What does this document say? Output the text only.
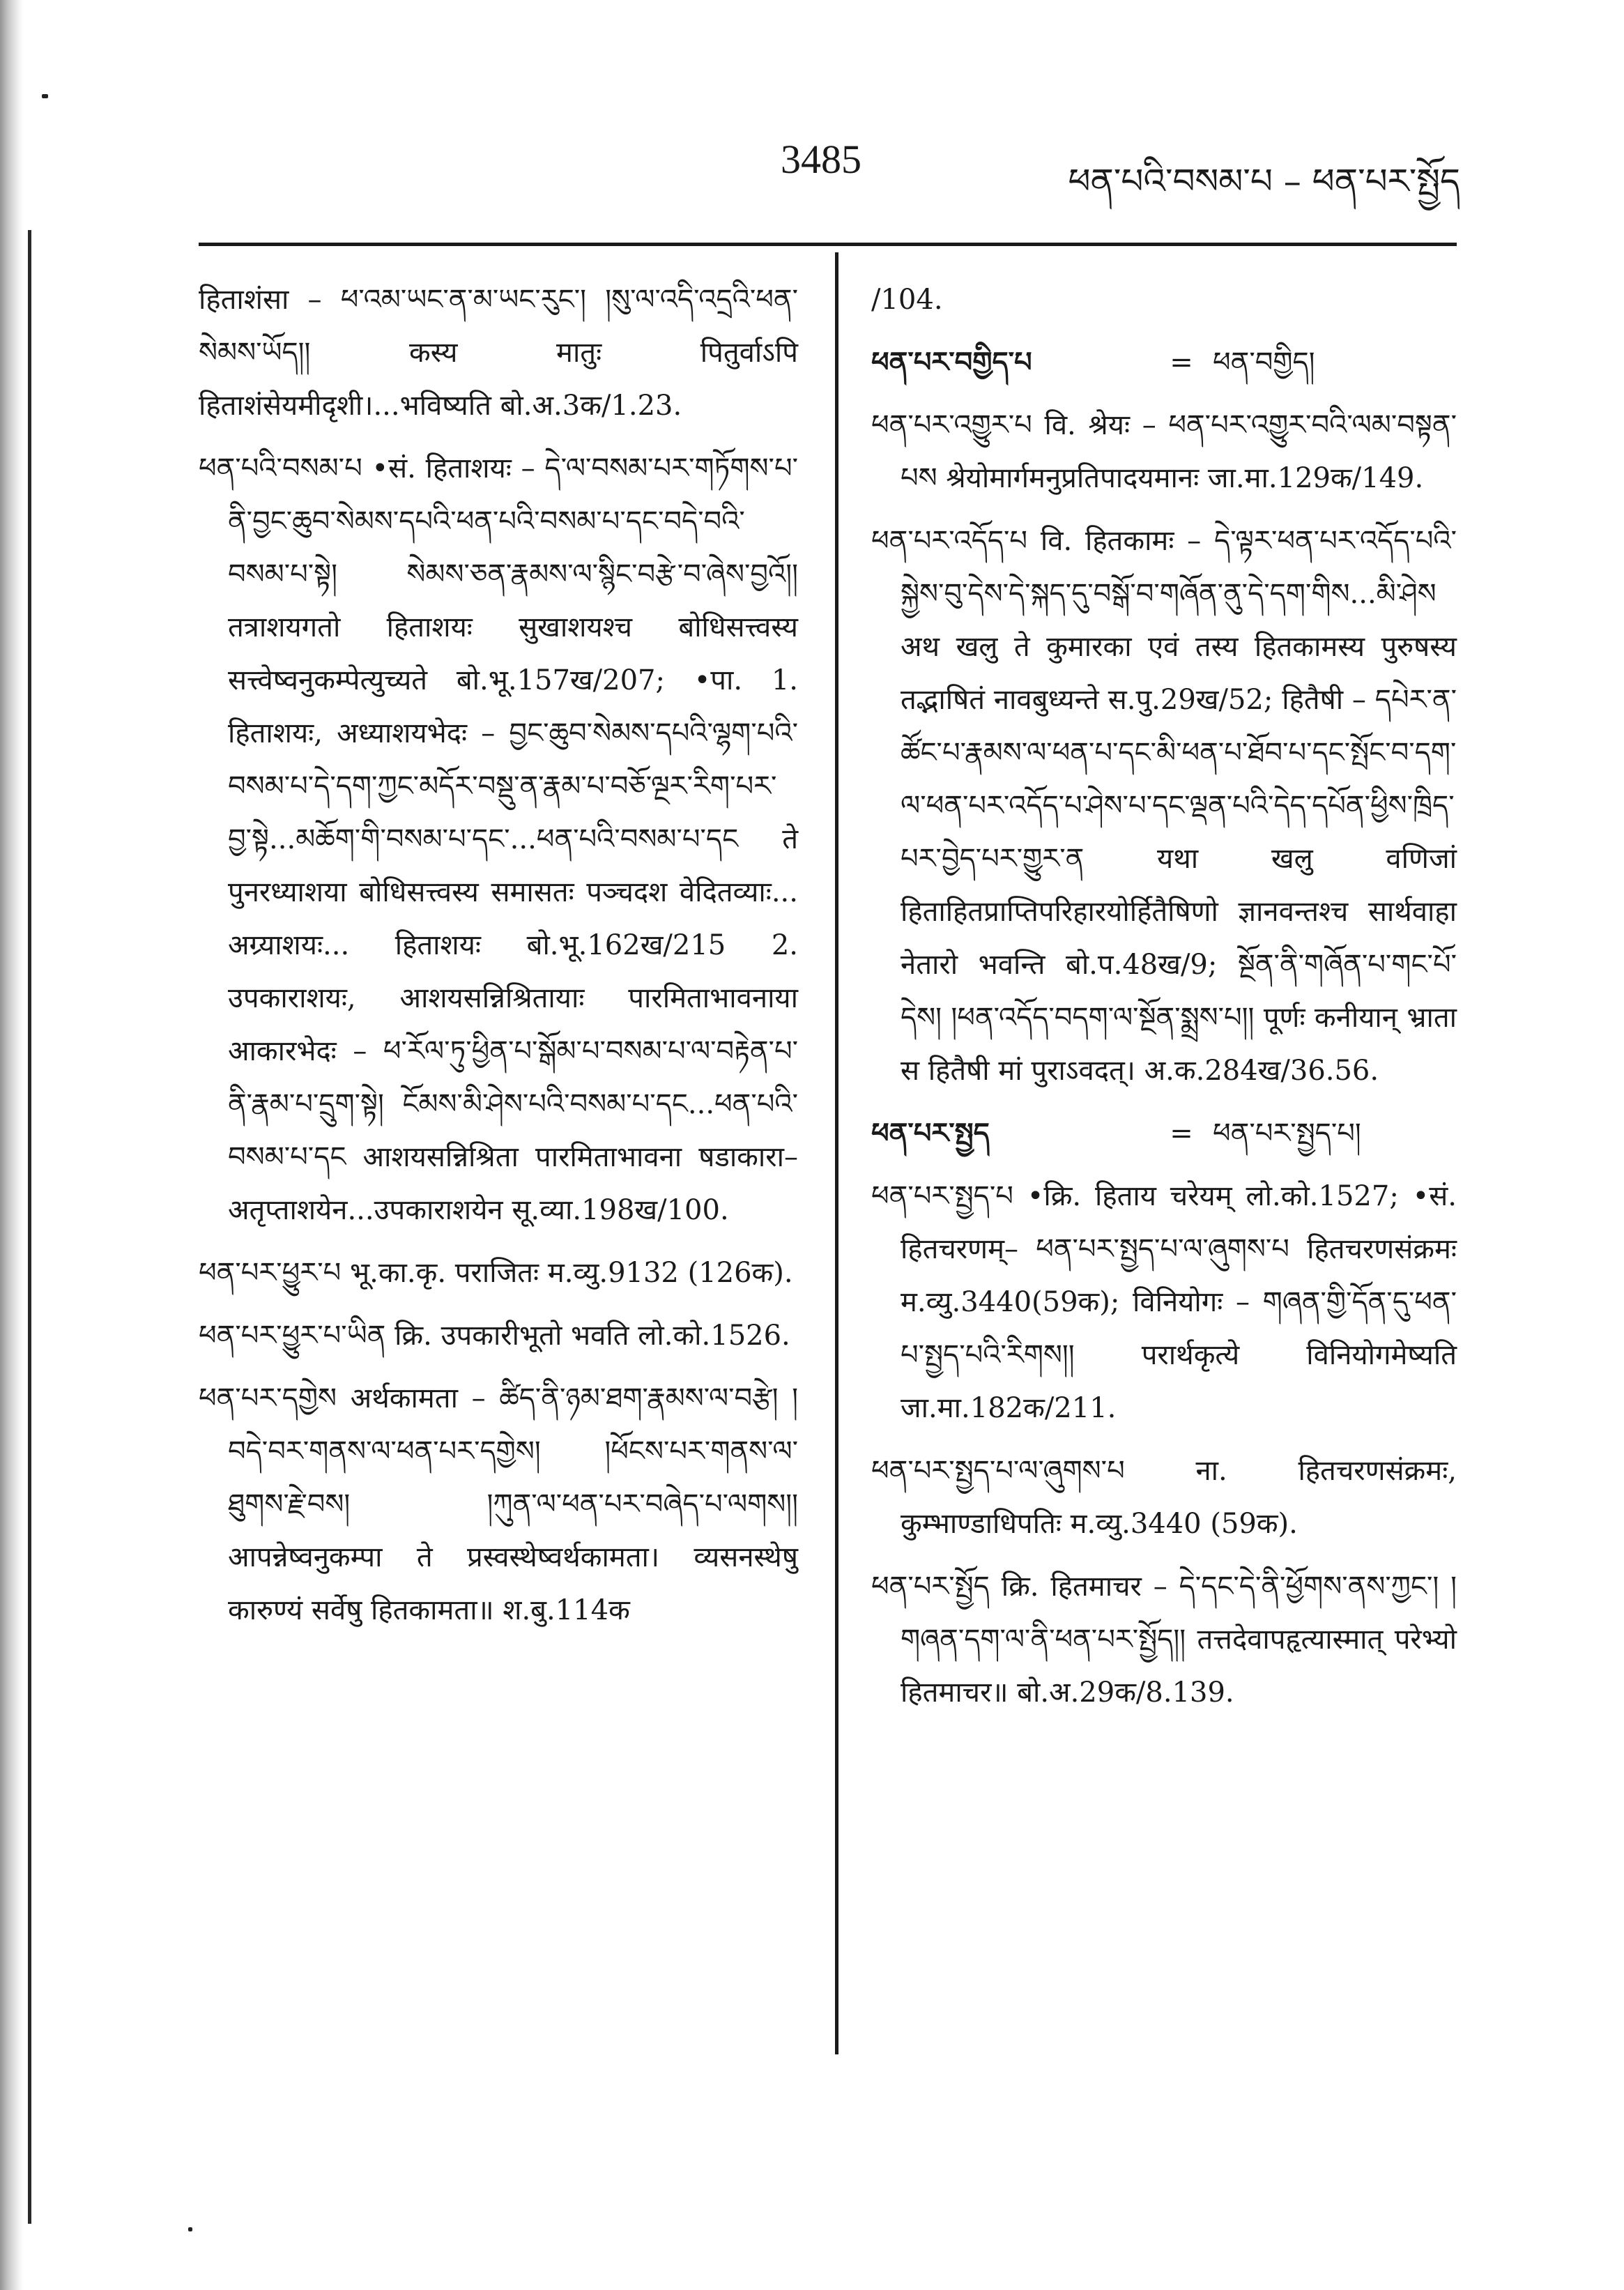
3485	ཕན་པའི་བསམ་པ – ཕན་པར་སྤྱོད

हिताशंसा – ཕ་འམ་ཡང་ན་མ་ཡང་རུང་། །སུ་ལ་འདི་འདྲའི་ཕན་སེམས་ཡོད།། कस्य मातुः पितुर्वाऽपि हिताशंसेयमीदृशी।...भविष्यति बो.अ.3क/1.23.

ཕན་པའི་བསམ་པ •सं. हिताशयः – དེ་ལ་བསམ་པར་གཏོགས་པ་ནི་བྱང་ཆུབ་སེམས་དཔའི་ཕན་པའི་བསམ་པ་དང་བདེ་བའི་བསམ་པ་སྟེ། སེམས་ཅན་རྣམས་ལ་སྙིང་བརྩེ་བ་ཞེས་བྱའོ།། तत्राशयगतो हिताशयः सुखाशयश्च बोधिसत्त्वस्य सत्त्वेष्वनुकम्पेत्युच्यते बो.भू.157ख/207; •पा. 1. हिताशयः, अध्याशयभेदः – བྱང་ཆུབ་སེམས་དཔའི་ལྷག་པའི་བསམ་པ་དེ་དག་ཀྱང་མདོར་བསྡུ་ན་རྣམ་པ་བཅོ་ལྔར་རིག་པར་བྱ་སྟེ...མཆོག་གི་བསམ་པ་དང་...ཕན་པའི་བསམ་པ་དང ते पुनरध्याशया बोधिसत्त्वस्य समासतः पञ्चदश वेदितव्याः... अग्र्याशयः... हिताशयः बो.भू.162ख/215 2. उपकाराशयः, आशयसन्निश्रितायाः पारमिताभावनाया आकारभेदः – ཕ་རོལ་ཏུ་ཕྱིན་པ་སྒོམ་པ་བསམ་པ་ལ་བརྟེན་པ་ནི་རྣམ་པ་དྲུག་སྟེ། ངོམས་མི་ཤེས་པའི་བསམ་པ་དང...ཕན་པའི་བསམ་པ་དང आशयसन्निश्रिता पारमिताभावना षडाकारा–अतृप्ताशयेन...उपकाराशयेन सू.व्या.198ख/100.

ཕན་པར་ཕྱུར་པ भू.का.कृ. पराजितः म.व्यु.9132 (126क).

ཕན་པར་ཕྱུར་པ་ཡིན क्रि. उपकारीभूतो भवति लो.को.1526.

ཕན་པར་དགྱེས अर्थकामता – ཚིད་ནི་ཉམ་ཐག་རྣམས་ལ་བརྩེ། །བདེ་བར་གནས་ལ་ཕན་པར་དགྱེས། །ཕོངས་པར་གནས་ལ་ཐུགས་རྗེ་བས། །ཀུན་ལ་ཕན་པར་བཞེད་པ་ལགས།། आपन्नेष्वनुकम्पा ते प्रस्वस्थेष्वर्थकामता। व्यसनस्थेषु कारुण्यं सर्वेषु हितकामता॥ श.बु.114क

/104.

ཕན་པར་བགྱིད་པ	= ཕན་བགྱིད།

ཕན་པར་འགྱུར་པ वि. श्रेयः – ཕན་པར་འགྱུར་བའི་ལམ་བསྟན་པས श्रेयोमार्गमनुप्रतिपादयमानः जा.मा.129क/149.

ཕན་པར་འདོད་པ वि. हितकामः – དེ་ལྟར་ཕན་པར་འདོད་པའི་སྐྱེས་བུ་དེས་དེ་སྐད་དུ་བསྒོ་བ་གཞོན་ནུ་དེ་དག་གིས...མི་ཤེས अथ खलु ते कुमारका एवं तस्य हितकामस्य पुरुषस्य तद्भाषितं नावबुध्यन्ते स.पु.29ख/52; हितैषी – དཔེར་ན་ཚོང་པ་རྣམས་ལ་ཕན་པ་དང་མི་ཕན་པ་ཐོབ་པ་དང་སྤོང་བ་དག་ལ་ཕན་པར་འདོད་པ་ཤེས་པ་དང་ལྡན་པའི་དེད་དཔོན་ཕྱིས་ཁྲིད་པར་བྱེད་པར་གྱུར་ན यथा खलु वणिजां हिताहितप्राप्तिपरिहारयोर्हितैषिणो ज्ञानवन्तश्च सार्थवाहा नेतारो भवन्ति बो.प.48ख/9; སྔོན་ནི་གཞོན་པ་གང་པོ་དེས། །ཕན་འདོད་བདག་ལ་སྔོན་སྨྲས་པ།། पूर्णः कनीयान् भ्राता स हितैषी मां पुराऽवदत्। अ.क.284ख/36.56.

ཕན་པར་སྤྱད	= ཕན་པར་སྤྱད་པ།

ཕན་པར་སྤྱད་པ •क्रि. हिताय चरेयम् लो.को.1527; •सं. हितचरणम्– ཕན་པར་སྤྱད་པ་ལ་ཞུགས་པ हितचरणसंक्रमः म.व्यु.3440(59क); विनियोगः – གཞན་གྱི་དོན་དུ་ཕན་པ་སྤྱད་པའི་རིགས།། परार्थकृत्ये विनियोगमेष्यति जा.मा.182क/211.

ཕན་པར་སྤྱད་པ་ལ་ཞུགས་པ ना. हितचरणसंक्रमः, कुम्भाण्डाधिपतिः म.व्यु.3440 (59क).

ཕན་པར་སྤྱོད क्रि. हितमाचर – དེ་དང་དེ་ནི་ཕྱོགས་ནས་ཀྱང་། །གཞན་དག་ལ་ནི་ཕན་པར་སྤྱོད།། तत्तदेवापहृत्यास्मात् परेभ्यो हितमाचर॥ बो.अ.29क/8.139.
